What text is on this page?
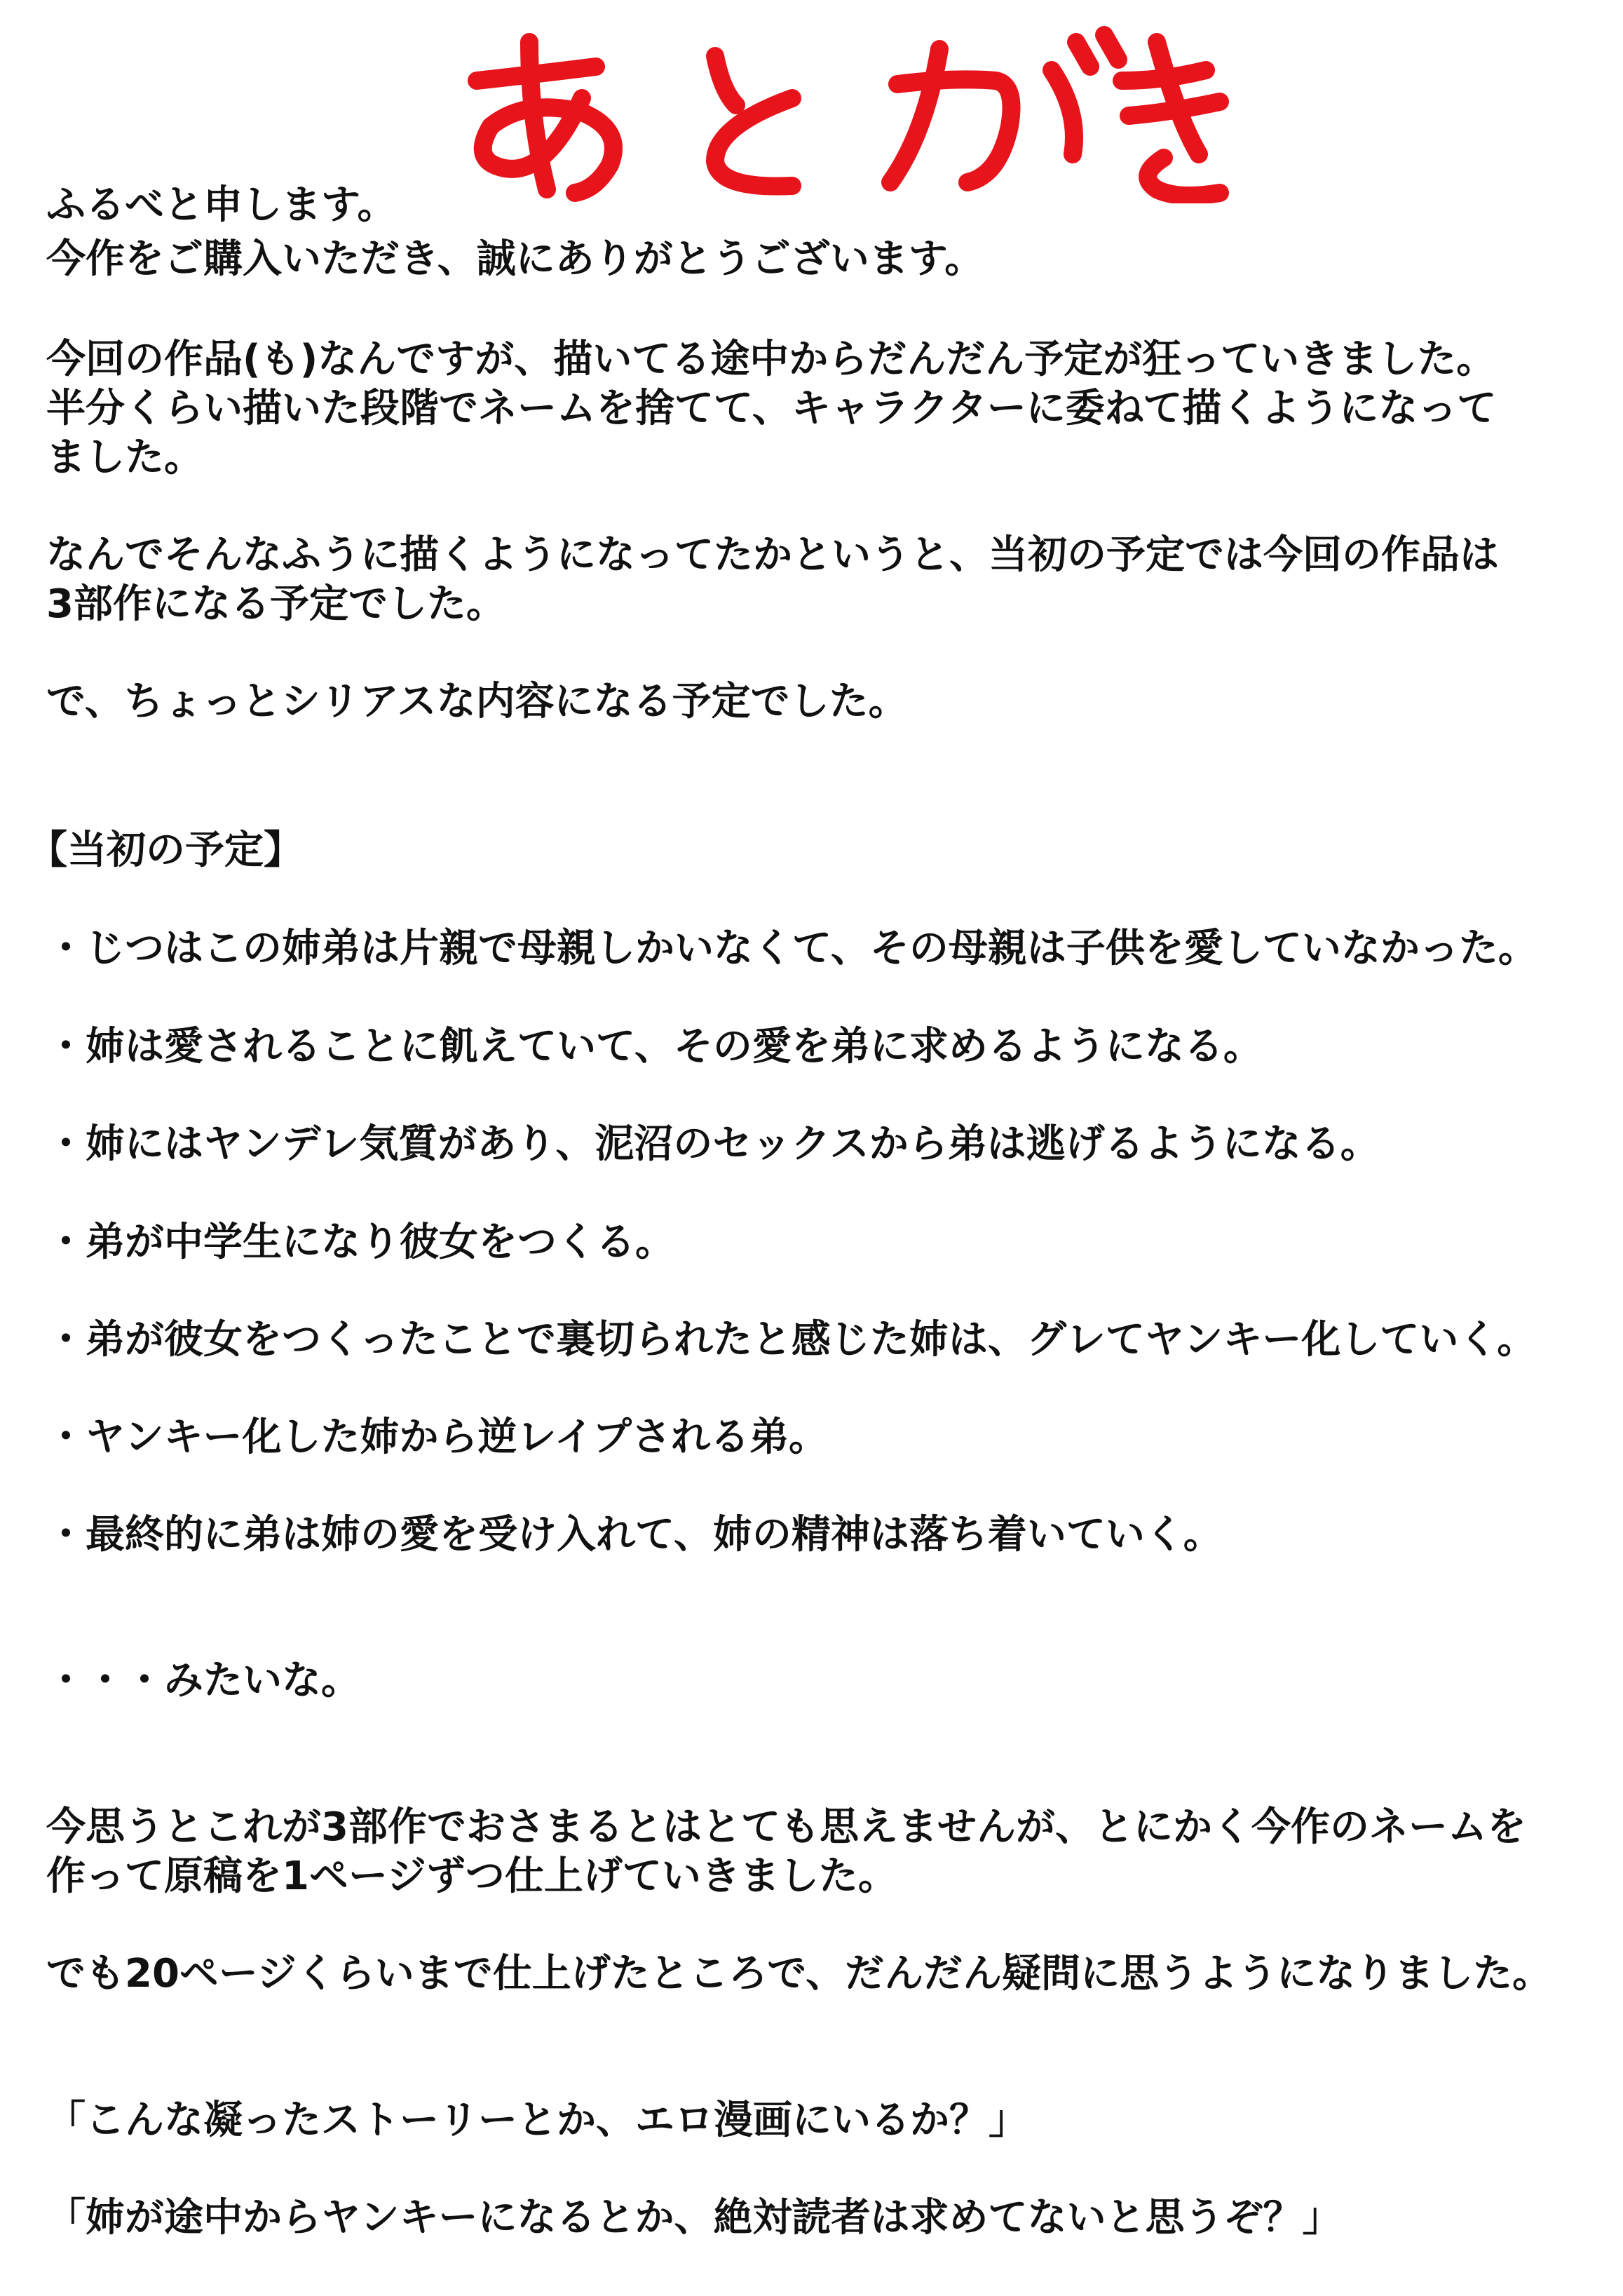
ふるべと申します。
今作をご購入いただき、誠にありがとうございます。
今回の作品(も)なんですが、描いてる途中からだんだん予定が狂っていきました。
半分くらい描いた段階でネームを捨てて、キャラクターに委ねて描くようになって
ました。
なんでそんなふうに描くようになってたかというと、当初の予定では今回の作品は
3部作になる予定でした。
で、ちょっとシリアスな内容になる予定でした。
【当初の予定】
・じつはこの姉弟は片親で母親しかいなくて、その母親は子供を愛していなかった。
・姉は愛されることに飢えていて、その愛を弟に求めるようになる。
・姉にはヤンデレ気質があり、泥沼のセックスから弟は逃げるようになる。
・弟が中学生になり彼女をつくる。
・弟が彼女をつくったことで裏切られたと感じた姉は、グレてヤンキー化していく。
・ヤンキー化した姉から逆レイプされる弟。
・最終的に弟は姉の愛を受け入れて、姉の精神は落ち着いていく。
・・・みたいな。
今思うとこれが3部作でおさまるとはとても思えませんが、とにかく今作のネームを
作って原稿を1ページずつ仕上げていきました。
でも20ページくらいまで仕上げたところで、だんだん疑問に思うようになりました。
「こんな凝ったストーリーとか、エロ漫画にいるか？」
「姉が途中からヤンキーになるとか、絶対読者は求めてないと思うぞ？」
